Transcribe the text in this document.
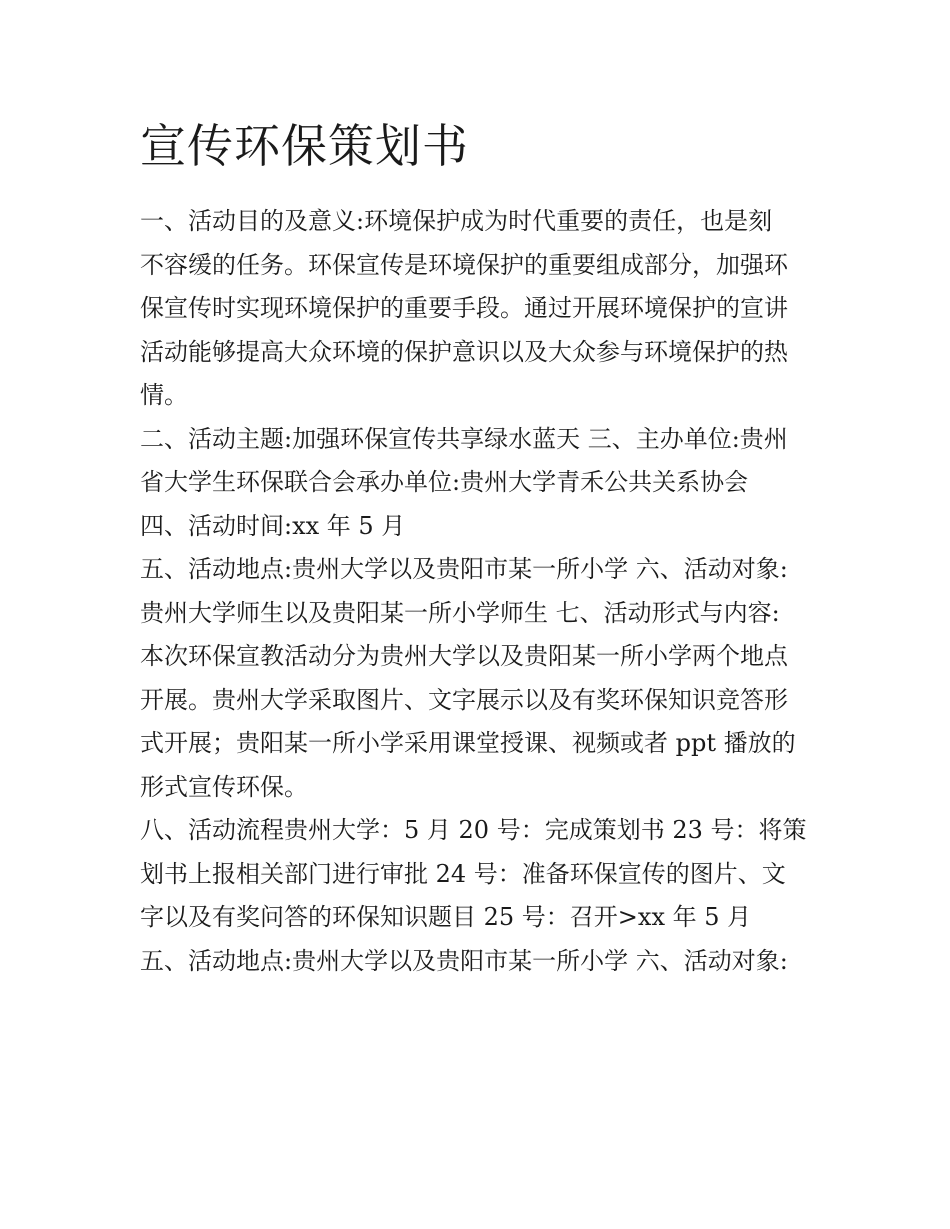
宣传环保策划书
一、活动目的及意义:环境保护成为时代重要的责任，也是刻
不容缓的任务。环保宣传是环境保护的重要组成部分，加强环
保宣传时实现环境保护的重要手段。通过开展环境保护的宣讲
活动能够提高大众环境的保护意识以及大众参与环境保护的热
情。
二、活动主题:加强环保宣传共享绿水蓝天 三、主办单位:贵州
省大学生环保联合会承办单位:贵州大学青禾公共关系协会
四、活动时间:xx 年 5 月
五、活动地点:贵州大学以及贵阳市某一所小学 六、活动对象:
贵州大学师生以及贵阳某一所小学师生 七、活动形式与内容:
本次环保宣教活动分为贵州大学以及贵阳某一所小学两个地点
开展。贵州大学采取图片、文字展示以及有奖环保知识竞答形
式开展；贵阳某一所小学采用课堂授课、视频或者 ppt 播放的
形式宣传环保。
八、活动流程贵州大学：5 月 20 号：完成策划书 23 号：将策
划书上报相关部门进行审批 24 号：准备环保宣传的图片、文
字以及有奖问答的环保知识题目 25 号：召开>xx 年 5 月
五、活动地点:贵州大学以及贵阳市某一所小学 六、活动对象:
